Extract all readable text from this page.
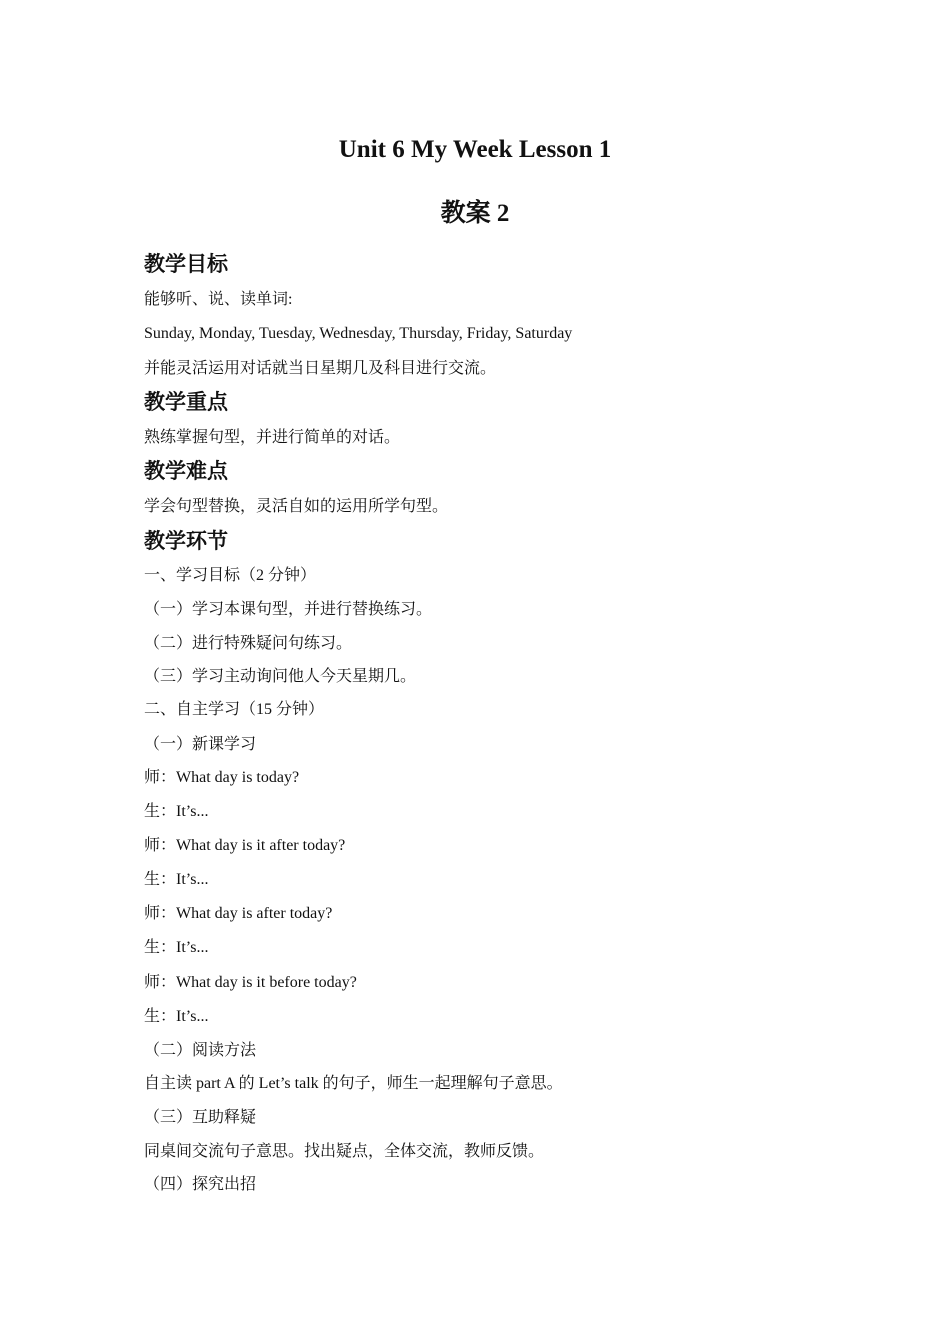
Unit 6 My Week Lesson 1
教案 2
教学目标
能够听、说、读单词:
Sunday, Monday, Tuesday, Wednesday, Thursday, Friday, Saturday
并能灵活运用对话就当日星期几及科目进行交流。
教学重点
熟练掌握句型，并进行简单的对话。
教学难点
学会句型替换，灵活自如的运用所学句型。
教学环节
一、学习目标（2 分钟）
（一）学习本课句型，并进行替换练习。
（二）进行特殊疑问句练习。
（三）学习主动询问他人今天星期几。
二、自主学习（15 分钟）
（一）新课学习
师：What day is today?
生：It’s...
师：What day is it after today?
生：It’s...
师：What day is after today?
生：It’s...
师：What day is it before today?
生：It’s...
（二）阅读方法
自主读 part A 的 Let’s talk 的句子，师生一起理解句子意思。
（三）互助释疑
同桌间交流句子意思。找出疑点，全体交流，教师反馈。
（四）探究出招
